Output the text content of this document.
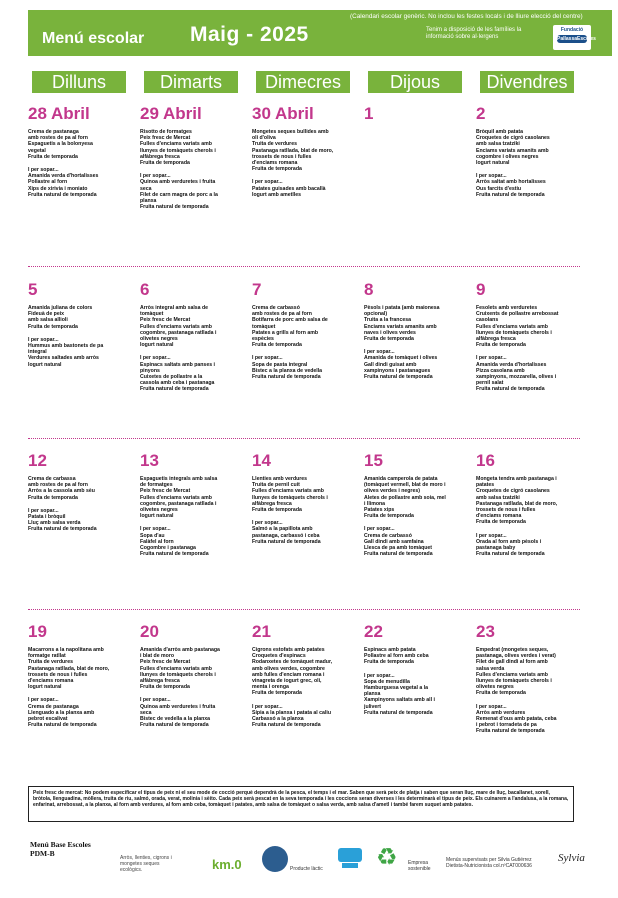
(Calendari escolar genèric. No inclou les festes locals i de lliure elecció del centre)
Menú escolar Maig - 2025	Tenim a disposició de les famílies la informació sobre al·lergens
Fundació
PallassaEscoles
Dilluns	Dimarts	Dimecres	Dijous	Divendres
28 Abril
Crema de pastanaga
amb rostes de pa al forn
Espaguetis a la bolonyesa
vegetal
Fruita de temporada
I per sopar...
Amanida verda d'hortalisses
Pollastre al forn
Xips de xirivia i moniato
Fruita natural de temporada
29 Abril
Risotto de formatges
Peix fresc de Mercat
Fulles d'enciams variats amb
llunyes de tomàquets cherols i
alfàbrega fresca
Fruita de temporada
I per sopar...
Quinoa amb verduretes i fruita
seca
Filet de carn magra de porc a la
planxa
Fruita natural de temporada
30 Abril
Mongetes seques bullides amb
oli d'oliva
Truita de verdures
Pastanaga ratllada, blat de moro,
trossets de nous i fulles
d'enciams romana
Fruita de temporada
I per sopar...
Patates guisades amb bacallà
Iogurt amb ametlles
1	2
Bròquil amb patata
Croquetes de cigró casolanes
amb salsa tzatziki
Enciams variats amanits amb
cogombre i olives negres
Iogurt natural
I per sopar...
Arròs saltat amb hortalisses
Ous farcits d'estiu
Fruita natural de temporada
5
Amanida juliana de colors
Fideuà de peix
amb salsa allioli
Fruita de temporada
I per sopar...
Hummus amb bastonets de pa
integral
Verdures saltades amb arròs
Iogurt natural
6
Arròs integral amb salsa de
tomàquet
Peix fresc de Mercat
Fulles d'enciams variats amb
cogombre, pastanaga ratllada i
olivetes negres
Iogurt natural
I per sopar...
Espinacs saltats amb panses i
pinyons
Cuixetes de pollastre a la
cassola amb ceba i pastanaga
Fruita natural de temporada
7
Crema de carbassó
amb rostes de pa al forn
Botifarra de porc amb salsa de
tomàquet
Patates a grills al forn amb
espècies
Fruita de temporada
I per sopar...
Sopa de pasta integral
Bistec a la planxa de vedella
Fruita natural de temporada
8
Pèsols i patata (amb maionesa
opcional)
Truita a la francesa
Enciams variats amanits amb
naves i olives verdes
Fruita de temporada
I per sopar...
Amanida de tomàquet i olives
Gall dindi guisat amb
xampinyons i pastanagues
Fruita natural de temporada
9
Fesolets amb verduretes
Cruixents de pollastre arrebossat
casolans
Fulles d'enciams variats amb
llunyes de tomàquets cherols i
alfàbrega fresca
Fruita de temporada
I per sopar...
Amanida verda d'hortalisses
Pizza casolana amb
xampinyons, mozzarella, olives i
pernil salat
Fruita natural de temporada
12
Crema de carbassa
amb rostes de pa al forn
Arròs a la cassola amb sèu
Fruita de temporada
I per sopar...
Patata i bròquil
Lluç amb salsa verda
Fruita natural de temporada
13
Espaguetis integrals amb salsa
de formatges
Peix fresc de Mercat
Fulles d'enciams variats amb
cogombre, pastanaga ratllada i
olivetes negres
Iogurt natural
I per sopar...
Sopa d'au
Falàfel al forn
Cogombre i pastanaga
Fruita natural de temporada
14
Llenties amb verdures
Truita de pernil cuit
Fulles d'enciams variats amb
llunyes de tomàquets cherols i
alfàbrega fresca
Fruita de temporada
I per sopar...
Salmó a la papillota amb
pastanaga, carbassó i ceba
Fruita natural de temporada
15
Amanida camperola de patata
(tomàquet vermell, blat de moro i
olives verdes i negres)
Aletes de pollastre amb soia, mel
i llimona
Patates xips
Fruita de temporada
I per sopar...
Crema de carbassó
Gall dindi amb samfaina
Llesca de pa amb tomàquet
Fruita natural de temporada
16
Mongeta tendra amb pastanaga i
patates
Croquetes de cigró casolanes
amb salsa tzatziki
Pastanaga ratllada, blat de moro,
trossets de nous i fulles
d'enciams romana
Fruita de temporada
I per sopar...
Orada al forn amb pèsols i
pastanaga baby
Fruita natural de temporada
19
Macarrons a la napolitana amb
formatge ratllat
Truita de verdures
Pastanaga ratllada, blat de moro,
trossets de nous i fulles
d'enciams romana
Iogurt natural
I per sopar...
Crema de pastanaga
Llenguado a la planxa amb
pebrot escalivat
Fruita natural de temporada
20
Amanida d'arròs amb pastanaga
i blat de moro
Peix fresc de Mercat
Fulles d'enciams variats amb
llunyes de tomàquets cherols i
alfàbrega fresca
Fruita de temporada
I per sopar...
Quinoa amb verduretes i fruita
seca
Bistec de vedella a la planxa
Fruita natural de temporada
21
Cigrons estofats amb patates
Croquetes d'espinacs
Rodanxetes de tomàquet madur,
amb olives verdes, cogombre
amb fulles d'enciam romana i
vinagreta de iogurt grec, oli,
menta i orenga
Fruita de temporada
I per sopar...
Sípia a la planxa i patata al caliu
Carbassó a la planxa
Fruita natural de temporada
22
Espinacs amb patata
Pollastre al forn amb ceba
Fruita de temporada
I per sopar...
Sopa de menudilla
Hamburguesa vegetal a la
planxa
Xampinyons saltats amb all i
julivert
Fruita natural de temporada
23
Empedrat (mongetes seques,
pastanaga, olives verdes i verat)
Filet de gall dindi al forn amb
salsa verda
Fulles d'enciams variats amb
llunyes de tomàquets cherols i
olivetes negres
Fruita de temporada
I per sopar...
Arròs amb verdures
Remenat d'ous amb patata, ceba
i pebrot i torradeta de pa
Fruita natural de temporada
Peix fresc de mercat: No podem especificar el tipus de peix ni el seu mode de cocció perquè dependrà de la pesca, el temps i el mar. Saben que serà peix de platja i saben que seran lluç, mare de lluç, bacallanet, sorell, bròtola, llenguadina, mòllera, truita de riu, salmó, orada, verat, molinia i sèito. Cada peix serà pescat en la seva temporada i les coccions seran diverses i les determinarà el tipus de peix. Els cuinarem a l'andalusa, a la romana, enfarinat, arrebossat, a la planxa, al forn amb verdures, al forn amb ceba, tomàquet i patates, amb salsa de tomàquet o salsa verda, amb salsa d'ametl i també farem suquet amb patates.
Menú Base Escoles
PDM-B	Arròs, llenties, cigrons i mongetes seques ecològics.	km.0	Producte làctic ♻ Empresa sostenible
Menús supervisats per Silvia Gutiérrez
Dietista-Nutricionista col.nºCAT000636
Sylvia
